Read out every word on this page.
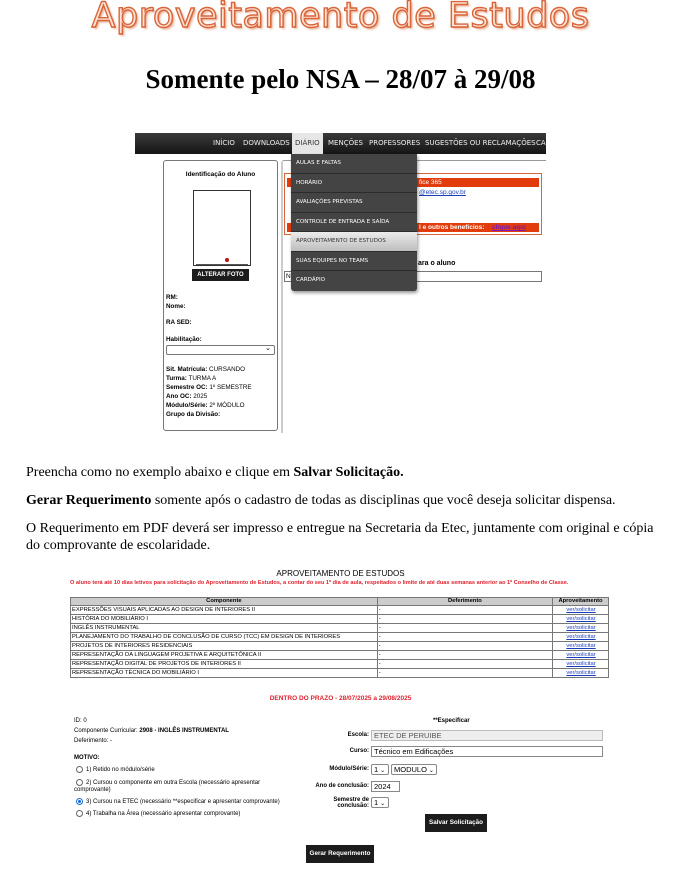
Aproveitamento de Estudos
Somente pelo NSA – 28/07 à 29/08
INÍCIO DOWNLOADS DIÁRIO	MENÇÕES PROFESSORES SUGESTÕES OU RECLAMAÇÕES CA
Identificação do Aluno
ALTERAR FOTO
RM:
Nome:
RA SED:
Habilitação:
⌄
Sit. Matrícula: CURSANDO
Turma: TURMA A
Semestre OC: 1º SEMESTRE
Ano OC: 2025
Módulo/Série: 2º MÓDULO
Grupo da Divisão:
fice 365
@etec.sp.gov.br
l e outros benefícios: clique aqui
ara o aluno
N
AULAS E FALTAS
HORÁRIO
AVALIAÇÕES PREVISTAS
CONTROLE DE ENTRADA E SAÍDA
APROVEITAMENTO DE ESTUDOS
SUAS EQUIPES NO TEAMS
CARDÁPIO

Preencha como no exemplo abaixo e clique em Salvar Solicitação.

Gerar Requerimento somente após o cadastro de todas as disciplinas que você deseja solicitar dispensa.

O Requerimento em PDF deverá ser impresso e entregue na Secretaria da Etec, juntamente com original e cópia do comprovante de escolaridade.

APROVEITAMENTO DE ESTUDOS
O aluno terá até 10 dias letivos para solicitação do Aproveitamento de Estudos, a contar do seu 1º dia de aula, respeitados o limite de até duas semanas anterior ao 1º Conselho de Classe.
Componente	Deferimento	Aproveitamento
EXPRESSÕES VISUAIS APLICADAS AO DESIGN DE INTERIORES II	-	ver/solicitar
HISTÓRIA DO MOBILIÁRIO I	-	ver/solicitar
INGLÊS INSTRUMENTAL	-	ver/solicitar
PLANEJAMENTO DO TRABALHO DE CONCLUSÃO DE CURSO (TCC) EM DESIGN DE INTERIORES	-	ver/solicitar
PROJETOS DE INTERIORES RESIDENCIAIS	-	ver/solicitar
REPRESENTAÇÃO DA LINGUAGEM PROJETIVA E ARQUITETÔNICA II	-	ver/solicitar
REPRESENTAÇÃO DIGITAL DE PROJETOS DE INTERIORES II	-	ver/solicitar
REPRESENTAÇÃO TÉCNICA DO MOBILIÁRIO I	-	ver/solicitar
DENTRO DO PRAZO - 28/07/2025 a 29/08/2025
**Especificar
ID: 0
Componente Curricular: 2908 - INGLÊS INSTRUMENTAL
Deferimento: -
MOTIVO:
1) Retido no módulo/série
2) Cursou o componente em outra Escola (necessário apresentar
comprovante)
3) Cursou na ETEC (necessário **especificar e apresentar comprovante)
4) Trabalha na Área (necessário apresentar comprovante)
Escola: ETEC DE PERUIBE
Curso: Técnico em Edificações
Módulo/Série: 1 ⌄	MODULO ⌄
Ano de conclusão: 2024
Semestre de
conclusão: 1 ⌄
Salvar Solicitação
Gerar Requerimento
